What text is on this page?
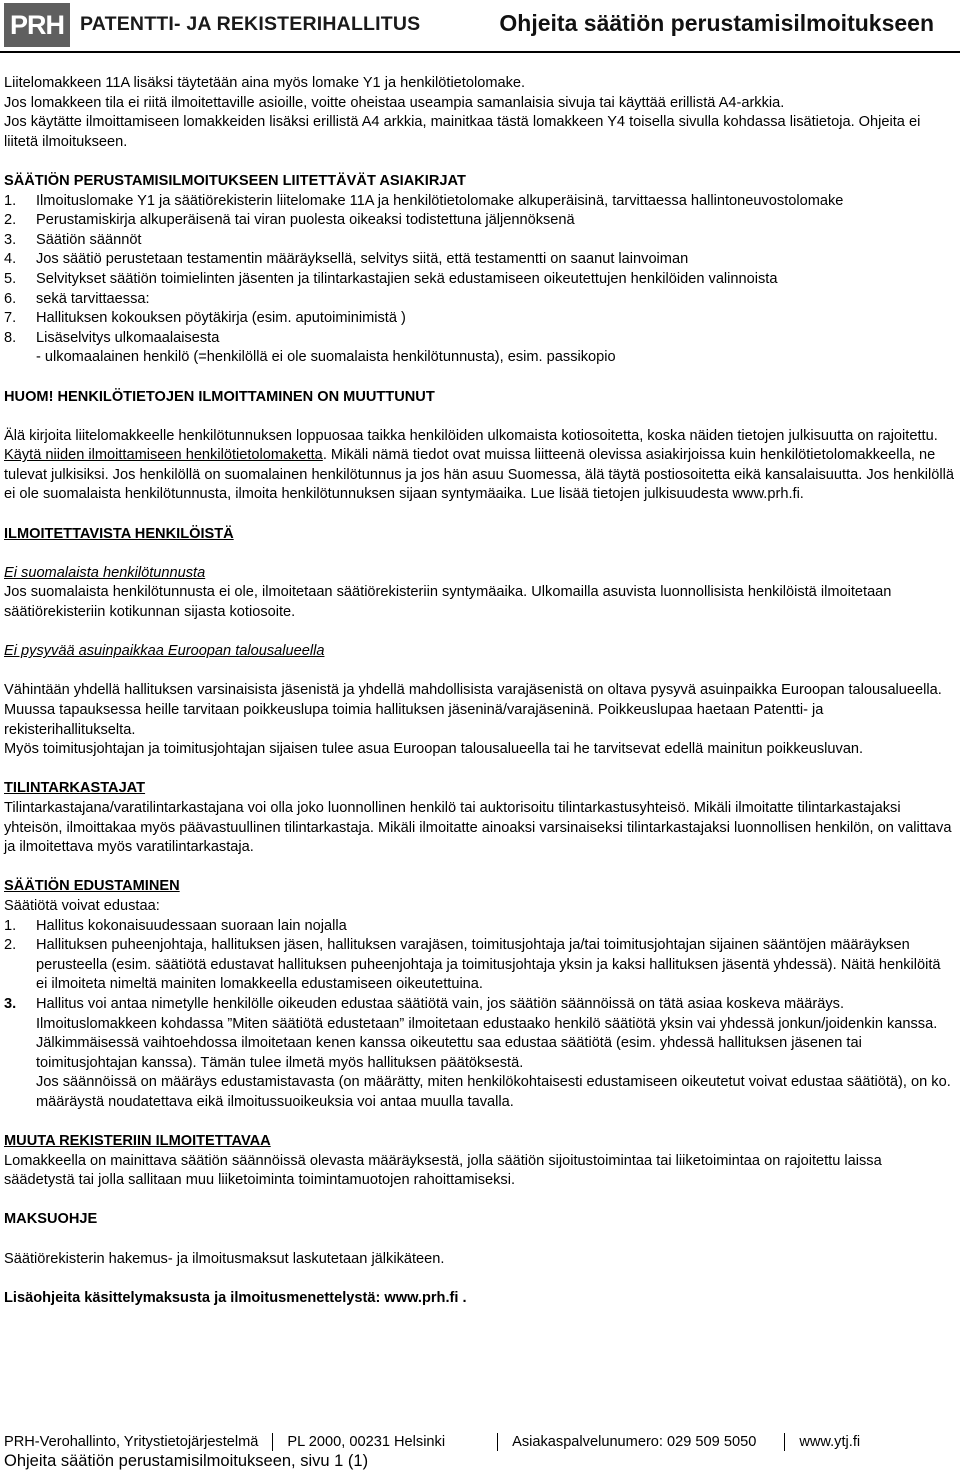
PRH PATENTTI- JA REKISTERIHALLITUS	Ohjeita säätiön perustamisilmoitukseen

Liitelomakkeen 11A lisäksi täytetään aina myös lomake Y1 ja henkilötietolomake.

Jos lomakkeen tila ei riitä ilmoitettaville asioille, voitte oheistaa useampia samanlaisia sivuja tai käyttää erillistä A4-arkkia.

Jos käytätte ilmoittamiseen lomakkeiden lisäksi erillistä A4 arkkia, mainitkaa tästä lomakkeen Y4 toisella sivulla kohdassa lisätietoja. Ohjeita ei liitetä ilmoitukseen.

SÄÄTIÖN PERUSTAMISILMOITUKSEEN LIITETTÄVÄT ASIAKIRJAT

1.	Ilmoituslomake Y1 ja säätiörekisterin liitelomake 11A ja henkilötietolomake alkuperäisinä, tarvittaessa hallintoneuvostolomake
2.	Perustamiskirja alkuperäisenä tai viran puolesta oikeaksi todistettuna jäljennöksenä
3.	Säätiön säännöt
4.	Jos säätiö perustetaan testamentin määräyksellä, selvitys siitä, että testamentti on saanut lainvoiman
5.	Selvitykset säätiön toimielinten jäsenten ja tilintarkastajien sekä edustamiseen oikeutettujen henkilöiden valinnoista
6.	sekä tarvittaessa:
7.	Hallituksen kokouksen pöytäkirja (esim. aputoiminimistä )
8.	Lisäselvitys ulkomaalaisesta

- ulkomaalainen henkilö (=henkilöllä ei ole suomalaista henkilötunnusta), esim. passikopio

HUOM! HENKILÖTIETOJEN ILMOITTAMINEN ON MUUTTUNUT

Älä kirjoita liitelomakkeelle henkilötunnuksen loppuosaa taikka henkilöiden ulkomaista kotiosoitetta, koska näiden tietojen julkisuutta on rajoitettu. Käytä niiden ilmoittamiseen henkilötietolomaketta. Mikäli nämä tiedot ovat muissa liitteenä olevissa asiakirjoissa kuin henkilötietolomakkeella, ne tulevat julkisiksi. Jos henkilöllä on suomalainen henkilötunnus ja jos hän asuu Suomessa, älä täytä postiosoitetta eikä kansalaisuutta. Jos henkilöllä ei ole suomalaista henkilötunnusta, ilmoita henkilötunnuksen sijaan syntymäaika. Lue lisää tietojen julkisuudesta www.prh.fi.

ILMOITETTAVISTA HENKILÖISTÄ

Ei suomalaista henkilötunnusta

Jos suomalaista henkilötunnusta ei ole, ilmoitetaan säätiörekisteriin syntymäaika. Ulkomailla asuvista luonnollisista henkilöistä ilmoitetaan säätiörekisteriin kotikunnan sijasta kotiosoite.

Ei pysyvää asuinpaikkaa Euroopan talousalueella

Vähintään yhdellä hallituksen varsinaisista jäsenistä ja yhdellä mahdollisista varajäsenistä on oltava pysyvä asuinpaikka Euroopan talousalueella. Muussa tapauksessa heille tarvitaan poikkeuslupa toimia hallituksen jäseninä/varajäseninä. Poikkeuslupaa haetaan Patentti- ja rekisterihallitukselta.

Myös toimitusjohtajan ja toimitusjohtajan sijaisen tulee asua Euroopan talousalueella tai he tarvitsevat edellä mainitun poikkeusluvan.

TILINTARKASTAJAT

Tilintarkastajana/varatilintarkastajana voi olla joko luonnollinen henkilö tai auktorisoitu tilintarkastusyhteisö. Mikäli ilmoitatte tilintarkastajaksi yhteisön, ilmoittakaa myös päävastuullinen tilintarkastaja. Mikäli ilmoitatte ainoaksi varsinaiseksi tilintarkastajaksi luonnollisen henkilön, on valittava ja ilmoitettava myös varatilintarkastaja.

SÄÄTIÖN EDUSTAMINEN

Säätiötä voivat edustaa:

1.	Hallitus kokonaisuudessaan suoraan lain nojalla
2.	Hallituksen puheenjohtaja, hallituksen jäsen, hallituksen varajäsen, toimitusjohtaja ja/tai toimitusjohtajan sijainen sääntöjen määräyksen perusteella (esim. säätiötä edustavat hallituksen puheenjohtaja ja toimitusjohtaja yksin ja kaksi hallituksen jäsentä yhdessä). Näitä henkilöitä ei ilmoiteta nimeltä mainiten lomakkeella edustamiseen oikeutettuina.
3.	Hallitus voi antaa nimetylle henkilölle oikeuden edustaa säätiötä vain, jos säätiön säännöissä on tätä asiaa koskeva määräys. Ilmoituslomakkeen kohdassa ”Miten säätiötä edustetaan” ilmoitetaan edustaako henkilö säätiötä yksin vai yhdessä jonkun/joidenkin kanssa.

Jälkimmäisessä vaihtoehdossa ilmoitetaan kenen kanssa oikeutettu saa edustaa säätiötä (esim. yhdessä hallituksen jäsenen tai toimitusjohtajan kanssa). Tämän tulee ilmetä myös hallituksen päätöksestä.

Jos säännöissä on määräys edustamistavasta (on määrätty, miten henkilökohtaisesti edustamiseen oikeutetut voivat edustaa säätiötä), on ko. määräystä noudatettava eikä ilmoitussuoikeuksia voi antaa muulla tavalla.

MUUTA REKISTERIIN ILMOITETTAVAA

Lomakkeella on mainittava säätiön säännöissä olevasta määräyksestä, jolla säätiön sijoitustoimintaa tai liiketoimintaa on rajoitettu laissa säädetystä tai jolla sallitaan muu liiketoiminta toimintamuotojen rahoittamiseksi.

MAKSUOHJE

Säätiörekisterin hakemus- ja ilmoitusmaksut laskutetaan jälkikäteen.

Lisäohjeita käsittelymaksusta ja ilmoitusmenettelystä: www.prh.fi .

PRH-Verohallinto, Yritystietojärjestelmä PL 2000, 00231 Helsinki	Asiakaspalvelunumero: 029 509 5050	www.ytj.fi
Ohjeita säätiön perustamisilmoitukseen, sivu 1 (1)
